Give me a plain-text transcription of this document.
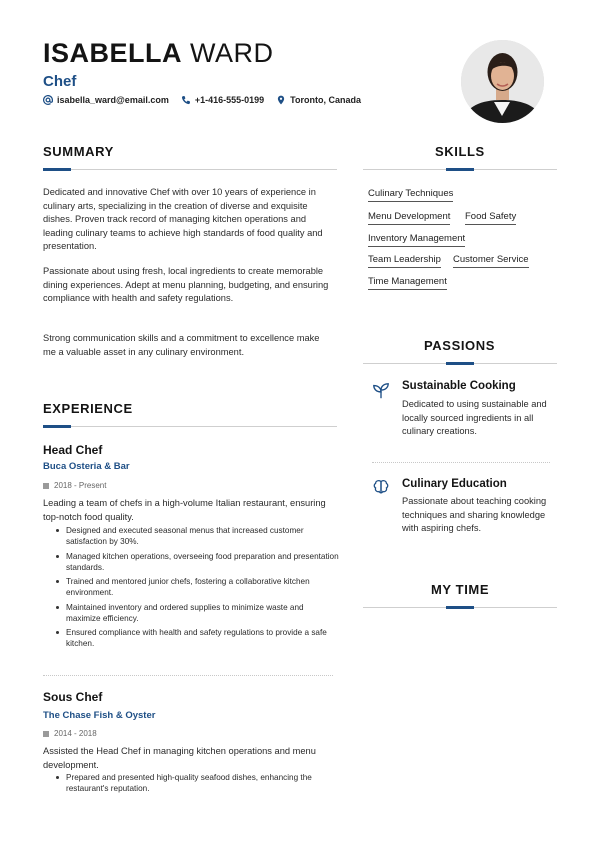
ISABELLA WARD
Chef
isabella_ward@email.com	+1-416-555-0199	Toronto, Canada
SUMMARY
Dedicated and innovative Chef with over 10 years of experience in culinary arts, specializing in the creation of diverse and exquisite dishes. Proven track record of managing kitchen operations and leading culinary teams to achieve high standards of food quality and presentation.
Passionate about using fresh, local ingredients to create memorable dining experiences. Adept at menu planning, budgeting, and ensuring compliance with health and safety regulations.
Strong communication skills and a commitment to excellence make me a valuable asset in any culinary environment.
EXPERIENCE
Head Chef
Buca Osteria & Bar
2018 - Present
Leading a team of chefs in a high-volume Italian restaurant, ensuring top-notch food quality.
Designed and executed seasonal menus that increased customer satisfaction by 30%.
Managed kitchen operations, overseeing food preparation and presentation standards.
Trained and mentored junior chefs, fostering a collaborative kitchen environment.
Maintained inventory and ordered supplies to minimize waste and maximize efficiency.
Ensured compliance with health and safety regulations to provide a safe kitchen.
Sous Chef
The Chase Fish & Oyster
2014 - 2018
Assisted the Head Chef in managing kitchen operations and menu development.
Prepared and presented high-quality seafood dishes, enhancing the restaurant's reputation.
SKILLS
Culinary Techniques
Menu Development Food Safety
Inventory Management
Team Leadership Customer Service
Time Management
PASSIONS
Sustainable Cooking
Dedicated to using sustainable and locally sourced ingredients in all culinary creations.
Culinary Education
Passionate about teaching cooking techniques and sharing knowledge with aspiring chefs.
MY TIME
